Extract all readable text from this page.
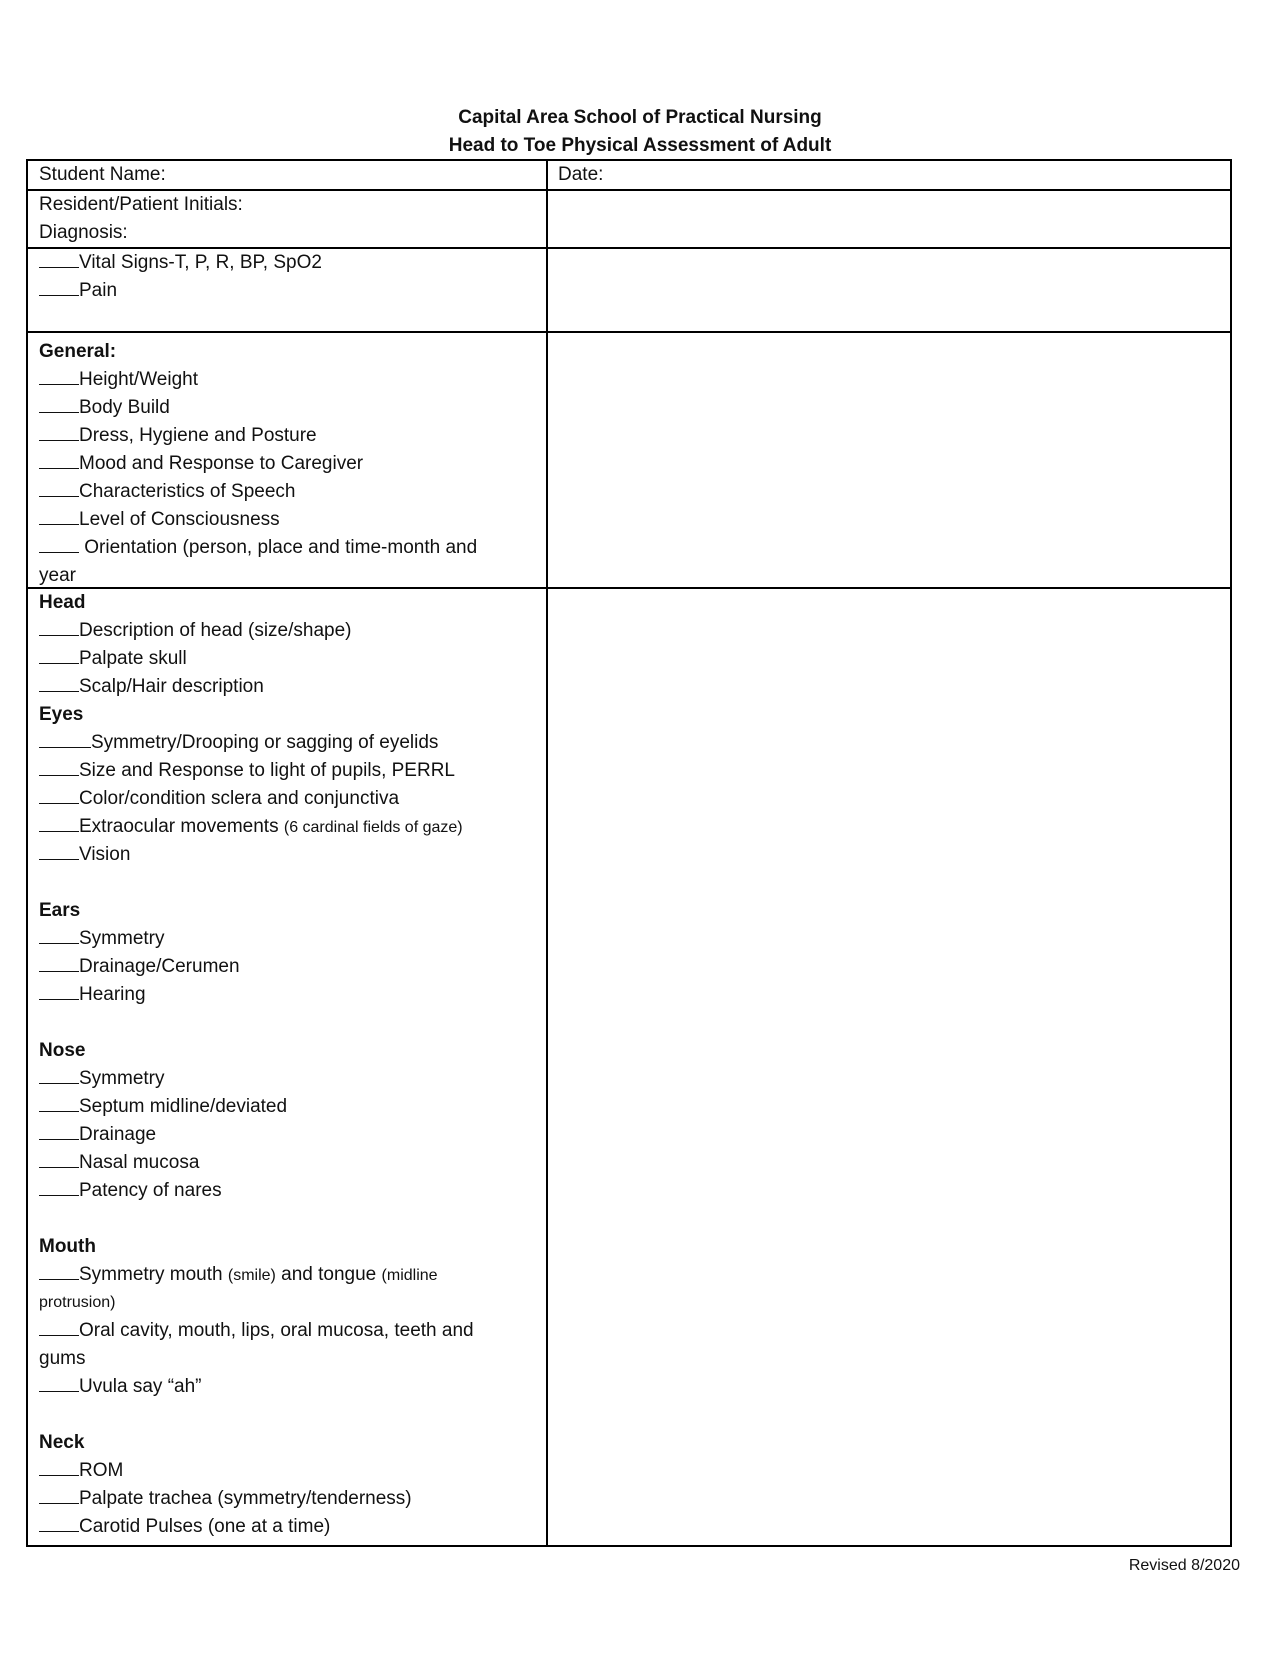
Capital Area School of Practical Nursing
Head to Toe Physical Assessment of Adult
Student Name:	Date:
Resident/Patient Initials:
Diagnosis:
Vital Signs-T, P, R, BP, SpO2
Pain
General:
Height/Weight
Body Build
Dress, Hygiene and Posture
Mood and Response to Caregiver
Characteristics of Speech
Level of Consciousness
Orientation (person, place and time-month and
year
Head
Description of head (size/shape)
Palpate skull
Scalp/Hair description
Eyes
Symmetry/Drooping or sagging of eyelids
Size and Response to light of pupils, PERRL
Color/condition sclera and conjunctiva
Extraocular movements (6 cardinal fields of gaze)
Vision
Ears
Symmetry
Drainage/Cerumen
Hearing
Nose
Symmetry
Septum midline/deviated
Drainage
Nasal mucosa
Patency of nares
Mouth
Symmetry mouth (smile) and tongue (midline
protrusion)
Oral cavity, mouth, lips, oral mucosa, teeth and
gums
Uvula say “ah”
Neck
ROM
Palpate trachea (symmetry/tenderness)
Carotid Pulses (one at a time)
Revised 8/2020
